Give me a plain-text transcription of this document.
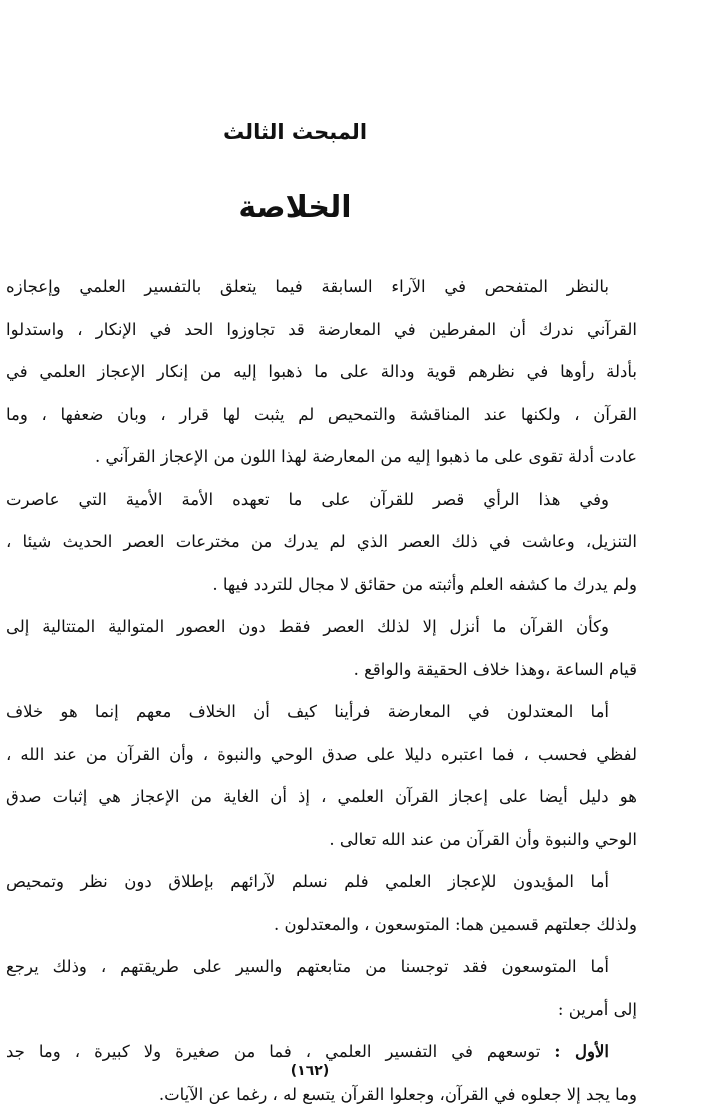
المبحث الثالث
الخلاصة
بالنظر المتفحص في الآراء السابقة فيما يتعلق بالتفسير العلمي وإعجازه
القرآني ندرك أن المفرطين في المعارضة قد تجاوزوا الحد في الإنكار ، واستدلوا
بأدلة رأوها في نظرهم قوية ودالة على ما ذهبوا إليه من إنكار الإعجاز العلمي في
القرآن ، ولكنها عند المناقشة والتمحيص لم يثبت لها قرار ، وبان ضعفها ، وما
عادت أدلة تقوى على ما ذهبوا إليه من المعارضة لهذا اللون من الإعجاز القرآني .
وفي هذا الرأي قصر للقرآن على ما تعهده الأمة الأمية التي عاصرت
التنزيل، وعاشت في ذلك العصر الذي لم يدرك من مخترعات العصر الحديث شيئا ،
ولم يدرك ما كشفه العلم وأثبته من حقائق لا مجال للتردد فيها .
وكأن القرآن ما أنزل إلا لذلك العصر فقط دون العصور المتوالية المتتالية إلى
قيام الساعة ،وهذا خلاف الحقيقة والواقع .
أما المعتدلون في المعارضة فرأينا كيف أن الخلاف معهم إنما هو خلاف
لفظي فحسب ، فما اعتبره دليلا على صدق الوحي والنبوة ، وأن القرآن من عند الله ،
هو دليل أيضا على إعجاز القرآن العلمي ، إذ أن الغاية من الإعجاز هي إثبات صدق
الوحي والنبوة وأن القرآن من عند الله تعالى .
أما المؤيدون للإعجاز العلمي فلم نسلم لآرائهم بإطلاق دون نظر وتمحيص
ولذلك جعلتهم قسمين هما: المتوسعون ، والمعتدلون .
أما المتوسعون فقد توجسنا من متابعتهم والسير على طريقتهم ، وذلك يرجع
إلى أمرين :
الأول : توسعهم في التفسير العلمي ، فما من صغيرة ولا كبيرة ، وما جد
وما يجد إلا جعلوه في القرآن، وجعلوا القرآن يتسع له ، رغما عن الآيات.
(١٦٢)
